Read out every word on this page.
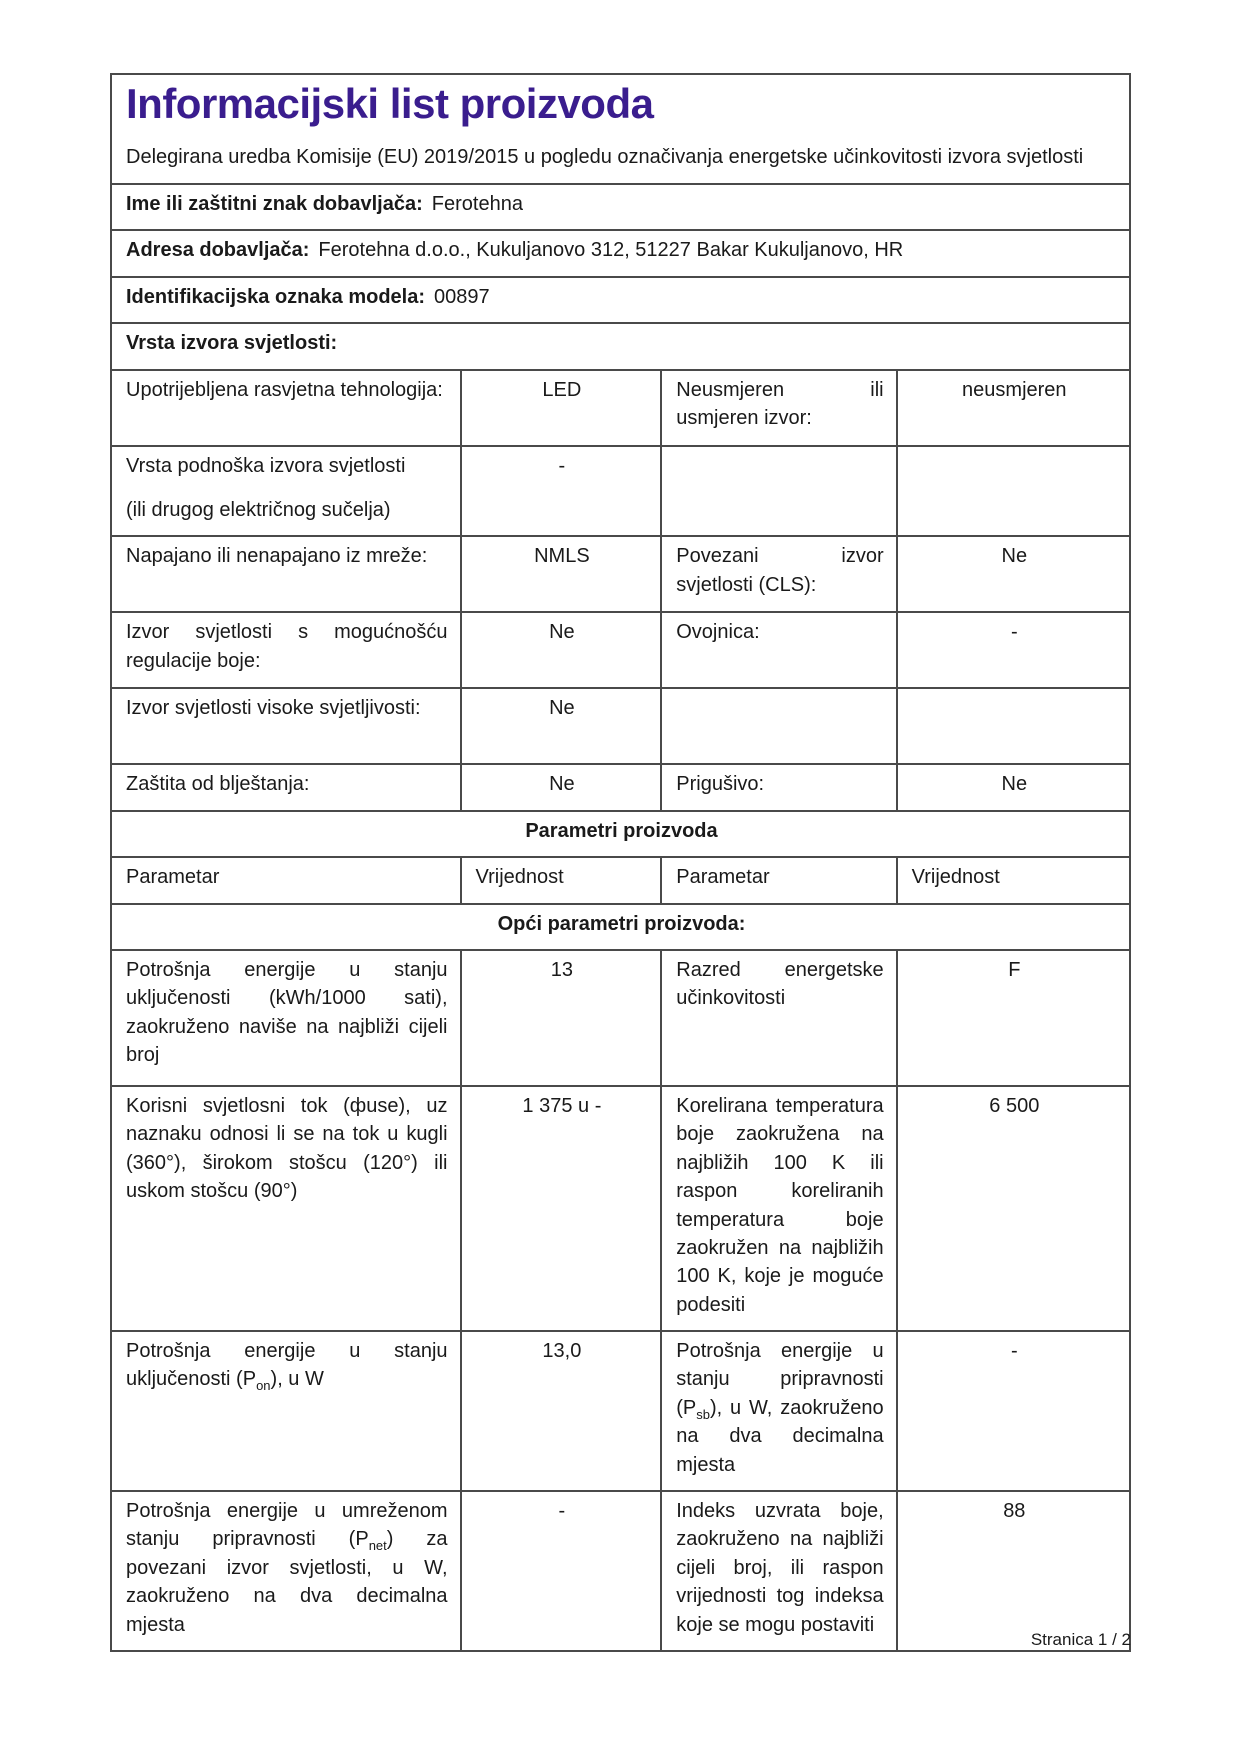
Informacijski list proizvoda
Delegirana uredba Komisije (EU) 2019/2015 u pogledu označivanja energetske učinkovitosti izvora svjetlosti			

Ime ili zaštitni znak dobavljača: Ferotehna			
Adresa dobavljača: Ferotehna d.o.o., Kukuljanovo 312, 51227 Bakar Kukuljanovo, HR			
Identifikacijska oznaka modela: 00897			
Vrsta izvora svjetlosti:			
Upotrijebljena rasvjetna tehnologija:	LED	Neusmjeren ili usmjeren izvor:	neusmjeren

Vrsta podnoška izvora svjetlosti
(ili drugog električnog sučelja)	-		
Napajano ili nenapajano iz mreže:	NMLS	Povezani izvor svjetlosti (CLS):	Ne
Izvor svjetlosti s mogućnošću regulacije boje:	Ne	Ovojnica:	-
Izvor svjetlosti visoke svjetljivosti:	Ne		
Zaštita od blještanja:	Ne	Prigušivo:	Ne
Parametri proizvoda			
Parametar	Vrijednost	Parametar	Vrijednost
Opći parametri proizvoda:			
Potrošnja energije u stanju uključenosti (kWh/1000 sati), zaokruženo naviše na najbliži cijeli broj	13	Razred energetske učinkovitosti	F
Korisni svjetlosni tok (фuse), uz naznaku odnosi li se na tok u kugli (360°), širokom stošcu (120°) ili uskom stošcu (90°)	1 375 u -	Korelirana temperatura boje zaokružena na najbližih 100 K ili raspon koreliranih temperatura boje zaokružen na najbližih 100 K, koje je moguće podesiti	6 500
Potrošnja energije u stanju uključenosti $(P_{on})$, u W	13,0	Potrošnja energije u stanju pripravnosti $(P_{sb})$, u W, zaokruženo na dva decimalna mjesta	-
Potrošnja energije u umreženom stanju pripravnosti $(P_{net})$ za povezani izvor svjetlosti, u W, zaokruženo na dva decimalna mjesta	-	Indeks uzvrata boje, zaokruženo na najbliži cijeli broj, ili raspon vrijednosti tog indeksa koje se mogu postaviti	88
Stranica 1 / 2
